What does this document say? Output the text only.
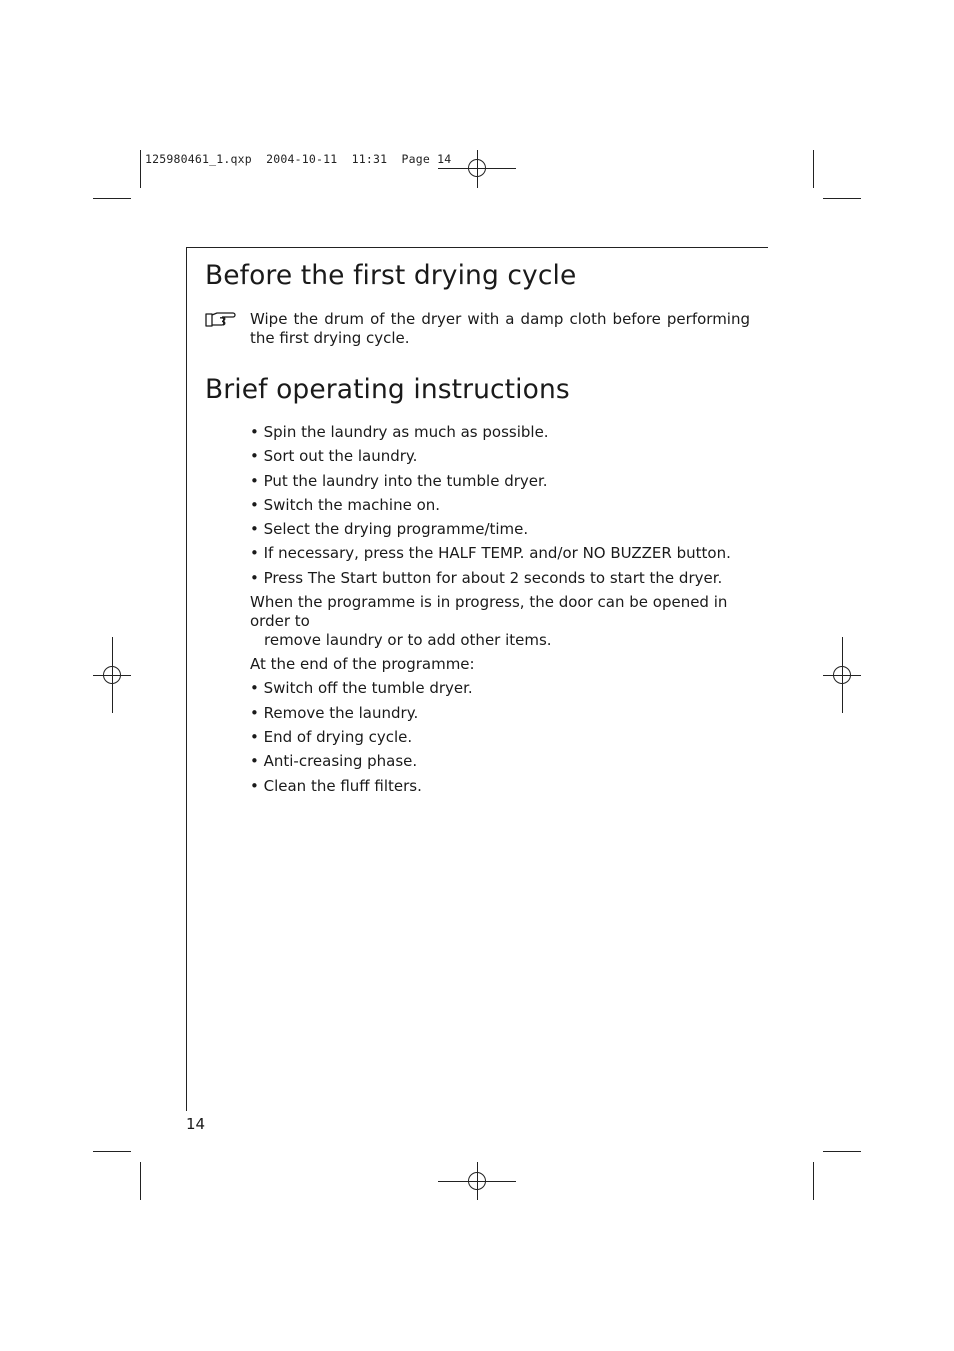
125980461_1.qxp  2004-10-11  11:31  Page 14
Before the first drying cycle
Wipe the drum of the dryer with a damp cloth before performing the first drying cycle.
Brief operating instructions
• Spin the laundry as much as possible.
• Sort out the laundry.
• Put the laundry into the tumble dryer.
• Switch the machine on.
• Select the drying programme/time.
• If necessary, press the HALF TEMP. and/or NO BUZZER button.
• Press The Start button for about 2 seconds to start the dryer.
When the programme is in progress, the door can be opened in order to
remove laundry or to add other items.
At the end of the programme:
• Switch off the tumble dryer.
• Remove the laundry.
• End of drying cycle.
• Anti-creasing phase.
• Clean the fluff filters.
14
